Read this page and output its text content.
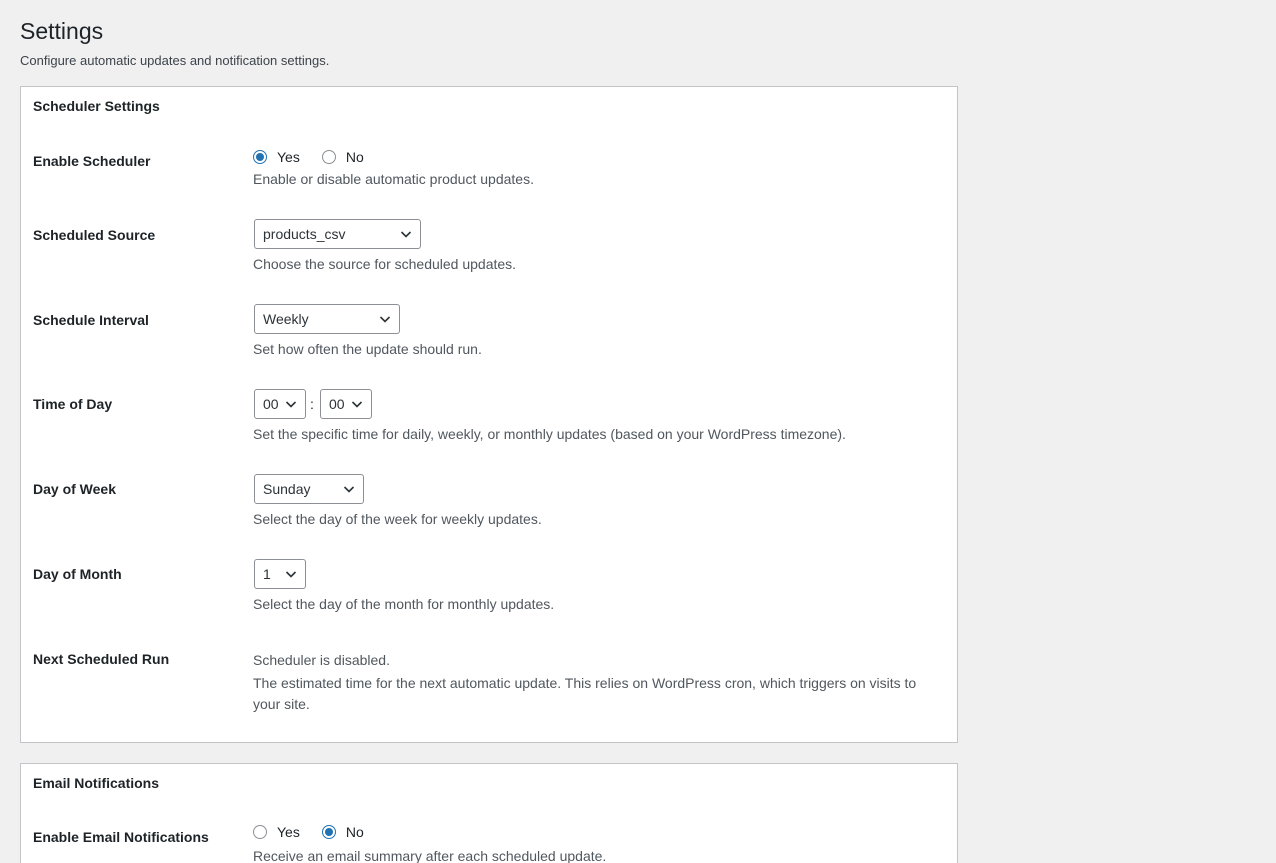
Settings

Configure automatic updates and notification settings.

Scheduler Settings
Enable Scheduler	Yes	No
Enable or disable automatic product updates.
Scheduled Source	products_csv
Choose the source for scheduled updates.
Schedule Interval	Weekly
Set how often the update should run.
Time of Day	00	:	00
Set the specific time for daily, weekly, or monthly updates (based on your WordPress timezone).
Day of Week	Sunday
Select the day of the week for weekly updates.
Day of Month	1
Select the day of the month for monthly updates.
Next Scheduled Run	Scheduler is disabled.
The estimated time for the next automatic update. This relies on WordPress cron, which triggers on visits to your site.
Email Notifications
Enable Email Notifications	Yes	No
Receive an email summary after each scheduled update.
